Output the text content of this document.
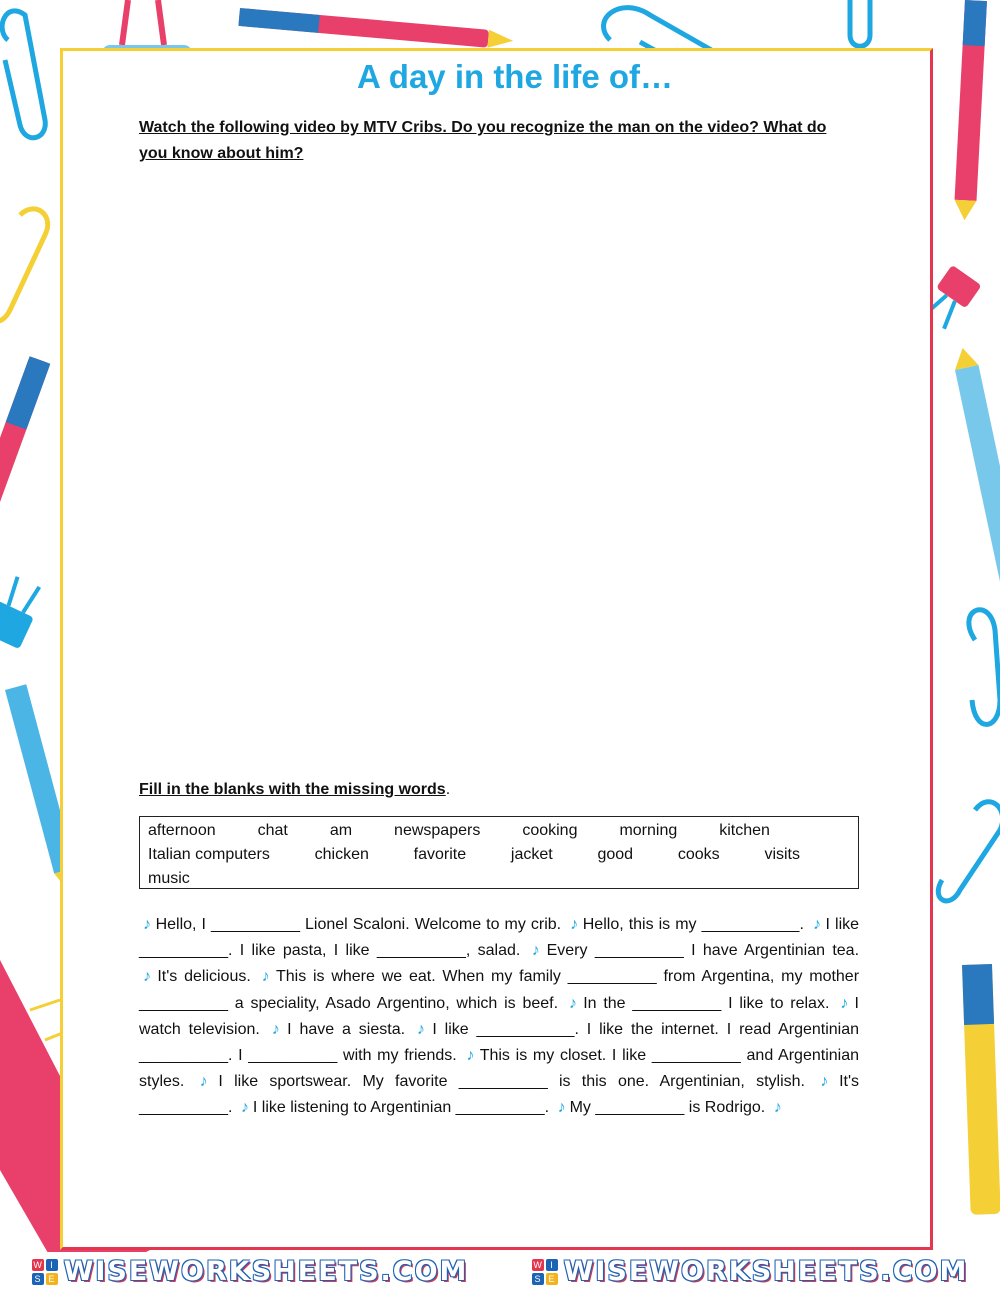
A day in the life of…
Watch the following video by MTV Cribs. Do you recognize the man on the video? What do you know about him?
Fill in the blanks with the missing words.
afternoon	chat	am	newspapers	cooking	morning	kitchen
Italian computers	chicken	favorite	jacket	good	cooks	visits
music

♪ Hello, I __________ Lionel Scaloni. Welcome to my crib. ♪ Hello, this is my ___________. ♪ I like __________. I like pasta, I like __________, salad. ♪ Every __________ I have Argentinian tea. ♪ It's delicious. ♪ This is where we eat. When my family __________ from Argentina, my mother __________ a speciality, Asado Argentino, which is beef. ♪ In the __________ I like to relax. ♪ I watch television. ♪ I have a siesta. ♪ I like ___________. I like the internet. I read Argentinian __________. I __________ with my friends. ♪ This is my closet. I like __________ and Argentinian styles. ♪ I like sportswear. My favorite __________ is this one. Argentinian, stylish. ♪ It's __________. ♪ I like listening to Argentinian __________. ♪ My __________ is Rodrigo. ♪

W I
S E WISEWORKSHEETS.COM	W I
S E WISEWORKSHEETS.COM
